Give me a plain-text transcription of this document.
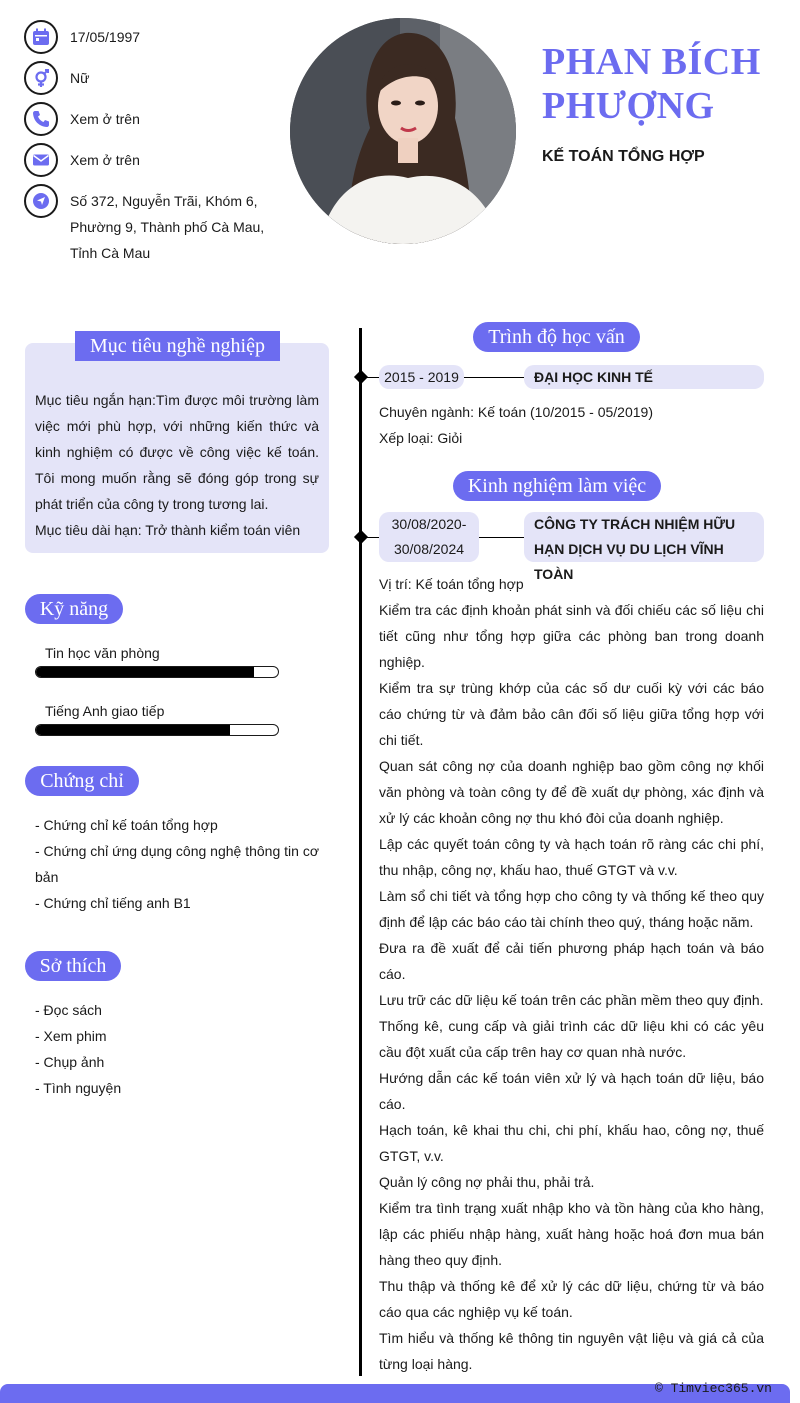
17/05/1997
Nữ
Xem ở trên
Xem ở trên
Số 372, Nguyễn Trãi, Khóm 6,
Phường 9, Thành phố Cà Mau,
Tỉnh Cà Mau
PHAN BÍCH
PHƯỢNG
KẾ TOÁN TỔNG HỢP
Mục tiêu nghề nghiệp
Mục tiêu ngắn hạn:Tìm được môi trường làm việc mới phù hợp, với những kiến thức và kinh nghiệm có được về công việc kế toán. Tôi mong muốn rằng sẽ đóng góp trong sự phát triển của công ty trong tương lai.
Mục tiêu dài hạn: Trở thành kiểm toán viên
Kỹ năng
Tin học văn phòng
Tiếng Anh giao tiếp
Chứng chỉ
- Chứng chỉ kế toán tổng hợp
- Chứng chỉ ứng dụng công nghệ thông tin cơ bản
- Chứng chỉ tiếng anh B1
Sở thích
- Đọc sách
- Xem phim
- Chụp ảnh
- Tình nguyện
Trình độ học vấn
2015 - 2019	ĐẠI HỌC KINH TẾ
Chuyên ngành: Kế toán (10/2015 - 05/2019)
Xếp loại: Giỏi
Kinh nghiệm làm việc
30/08/2020-
30/08/2024
CÔNG TY TRÁCH NHIỆM HỮU
HẠN DỊCH VỤ DU LỊCH VĨNH TOÀN
Vị trí: Kế toán tổng hợp
Kiểm tra các định khoản phát sinh và đối chiếu các số liệu chi tiết cũng như tổng hợp giữa các phòng ban trong doanh nghiệp.
Kiểm tra sự trùng khớp của các số dư cuối kỳ với các báo cáo chứng từ và đảm bảo cân đối số liệu giữa tổng hợp với chi tiết.
Quan sát công nợ của doanh nghiệp bao gồm công nợ khối văn phòng và toàn công ty để đề xuất dự phòng, xác định và xử lý các khoản công nợ thu khó đòi của doanh nghiệp.
Lập các quyết toán công ty và hạch toán rõ ràng các chi phí, thu nhập, công nợ, khấu hao, thuế GTGT và v.v.
Làm sổ chi tiết và tổng hợp cho công ty và thống kế theo quy định để lập các báo cáo tài chính theo quý, tháng hoặc năm.
Đưa ra đề xuất để cải tiến phương pháp hạch toán và báo cáo.
Lưu trữ các dữ liệu kế toán trên các phần mềm theo quy định.
Thống kê, cung cấp và giải trình các dữ liệu khi có các yêu cầu đột xuất của cấp trên hay cơ quan nhà nước.
Hướng dẫn các kế toán viên xử lý và hạch toán dữ liệu, báo cáo.
Hạch toán, kê khai thu chi, chi phí, khấu hao, công nợ, thuế GTGT, v.v.
Quản lý công nợ phải thu, phải trả.
Kiểm tra tình trạng xuất nhập kho và tồn hàng của kho hàng, lập các phiếu nhập hàng, xuất hàng hoặc hoá đơn mua bán hàng theo quy định.
Thu thập và thống kê để xử lý các dữ liệu, chứng từ và báo cáo qua các nghiệp vụ kế toán.
Tìm hiểu và thống kê thông tin nguyên vật liệu và giá cả của từng loại hàng.
© Timviec365.vn
